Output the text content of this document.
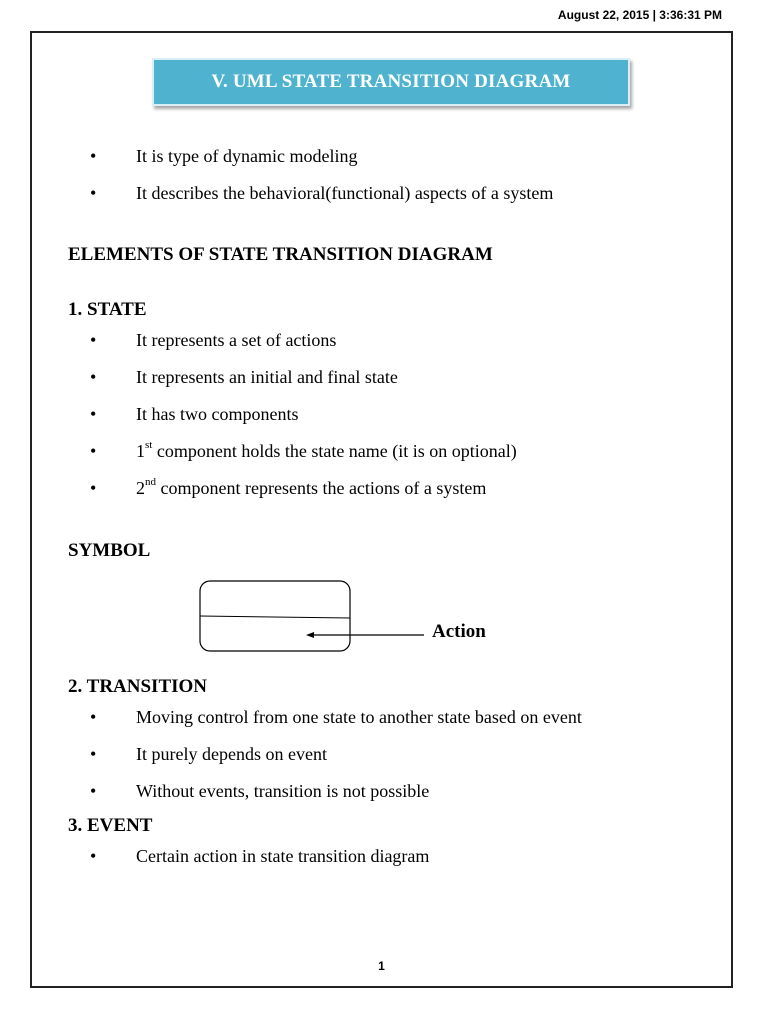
August 22, 2015 | 3:36:31 PM
V. UML STATE TRANSITION DIAGRAM
• It is type of dynamic modeling
• It describes the behavioral(functional) aspects of a system
ELEMENTS OF STATE TRANSITION DIAGRAM
1. STATE
• It represents a set of actions
• It represents an initial and final state
• It has two components
• 1st component holds the state name (it is on optional)
• 2nd component represents the actions of a system
SYMBOL
Action
2. TRANSITION
• Moving control from one state to another state based on event
• It purely depends on event
• Without events, transition is not possible
3. EVENT
• Certain action in state transition diagram
1
